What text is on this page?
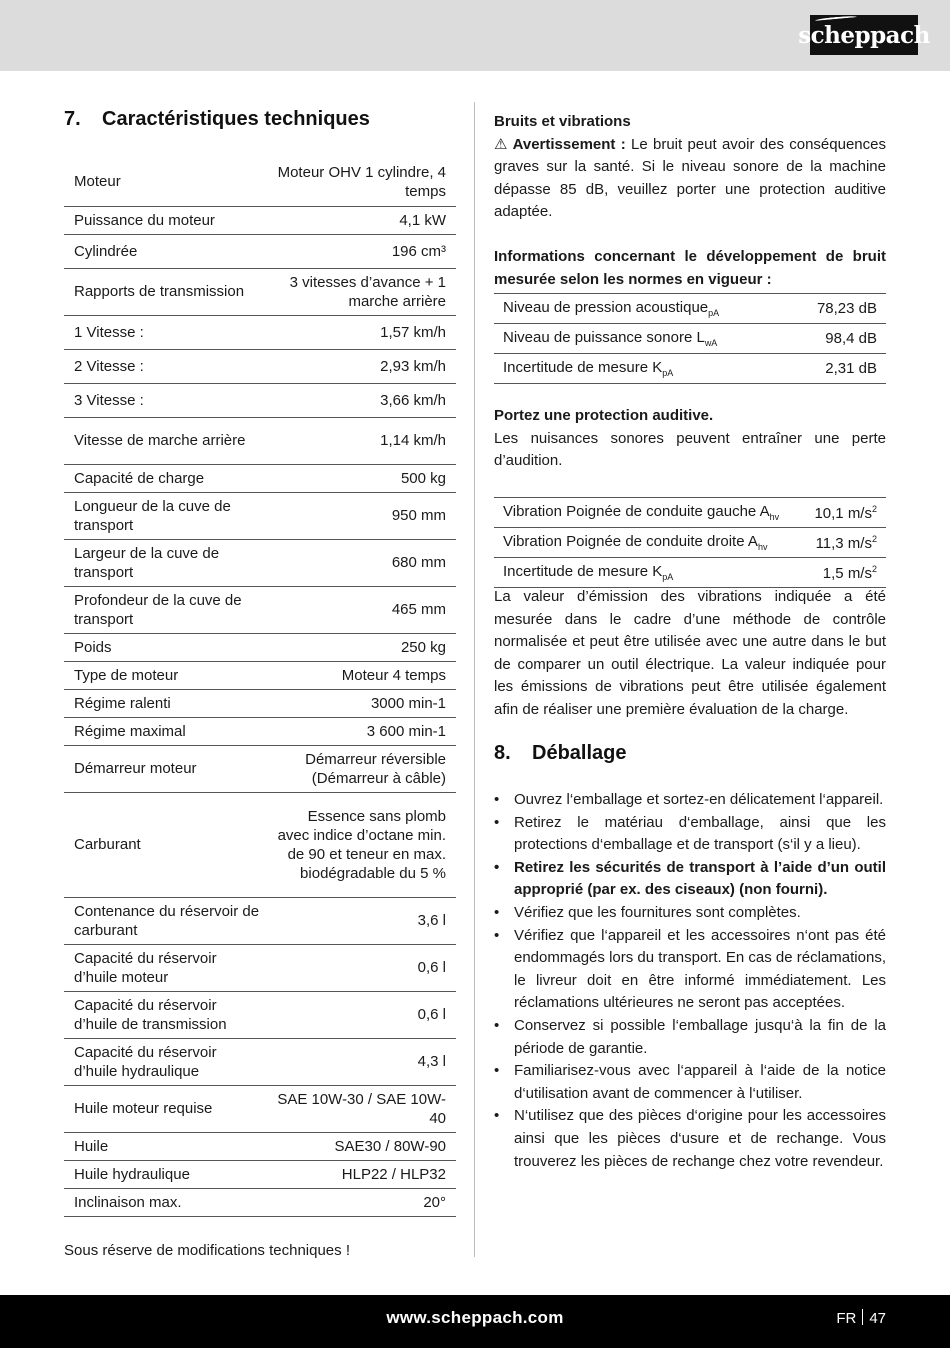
scheppach
7. Caractéristiques techniques
Moteur	Moteur OHV 1 cylindre, 4 temps
Puissance du moteur	4,1 kW
Cylindrée	196 cm³
Rapports de transmission	3 vitesses d’avance + 1 marche arrière
1 Vitesse :	1,57 km/h
2 Vitesse :	2,93 km/h
3 Vitesse :	3,66 km/h
Vitesse de marche arrière	1,14 km/h
Capacité de charge	500 kg
Longueur de la cuve de transport	950 mm
Largeur de la cuve de transport	680 mm
Profondeur de la cuve de transport	465 mm
Poids	250 kg
Type de moteur	Moteur 4 temps
Régime ralenti	3000 min-1
Régime maximal	3 600 min-1
Démarreur moteur	Démarreur réversible (Démarreur à câble)
Carburant	Essence sans plomb avec indice d’octane min. de 90 et teneur en max. biodégradable du 5 %
Contenance du réservoir de carburant	3,6 l
Capacité du réservoir d’huile moteur	0,6 l
Capacité du réservoir d’huile de transmission	0,6 l
Capacité du réservoir d’huile hydraulique	4,3 l
Huile moteur requise	SAE 10W-30 / SAE 10W-40
Huile	SAE30 / 80W-90
Huile hydraulique	HLP22 / HLP32
Inclinaison max.	20°
Sous réserve de modifications techniques !
Bruits et vibrations
⚠ Avertissement : Le bruit peut avoir des conséquences graves sur la santé. Si le niveau sonore de la machine dépasse 85 dB, veuillez porter une protection auditive adaptée.
Informations concernant le développement de bruit mesurée selon les normes en vigueur :
Niveau de pression acoustique$_{pA}$	78,23 dB
Niveau de puissance sonore $L_{wA}$	98,4 dB
Incertitude de mesure $K_{pA}$	2,31 dB
Portez une protection auditive.
Les nuisances sonores peuvent entraîner une perte d’audition.
Vibration Poignée de conduite gauche $A_{hv}$	10,1 $m/s^2$
Vibration Poignée de conduite droite $A_{hv}$	11,3 $m/s^2$
Incertitude de mesure $K_{pA}$	1,5 $m/s^2$
La valeur d’émission des vibrations indiquée a été mesurée dans le cadre d’une méthode de contrôle normalisée et peut être utilisée avec une autre dans le but de comparer un outil électrique. La valeur indiquée pour les émissions de vibrations peut être utilisée également afin de réaliser une première évaluation de la charge.
8. Déballage
• Ouvrez l‘emballage et sortez-en délicatement l‘appareil.
• Retirez le matériau d‘emballage, ainsi que les protections d‘emballage et de transport (s‘il y a lieu).
• Retirez les sécurités de transport à l’aide d’un outil approprié (par ex. des ciseaux) (non fourni).
• Vérifiez que les fournitures sont complètes.
• Vérifiez que l‘appareil et les accessoires n‘ont pas été endommagés lors du transport. En cas de réclamations, le livreur doit en être informé immédiatement. Les réclamations ultérieures ne seront pas acceptées.
• Conservez si possible l‘emballage jusqu‘à la fin de la période de garantie.
• Familiarisez-vous avec l‘appareil à l‘aide de la notice d‘utilisation avant de commencer à l‘utiliser.
• N‘utilisez que des pièces d‘origine pour les accessoires ainsi que les pièces d‘usure et de rechange. Vous trouverez les pièces de rechange chez votre revendeur.
www.scheppach.com	FR 47
